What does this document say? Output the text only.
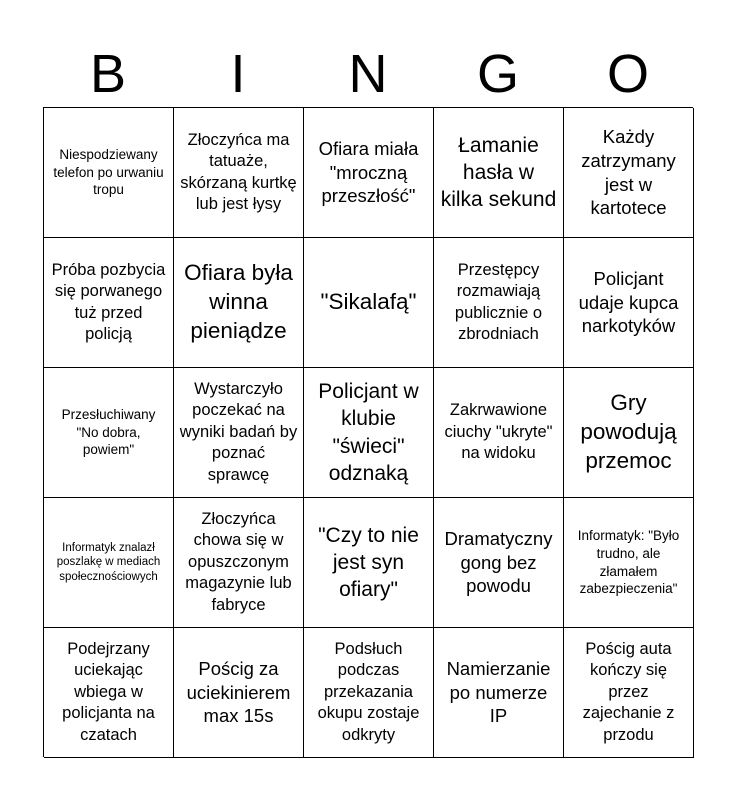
B	I	N	G	O
Niespodziewany telefon po urwaniu tropu
Złoczyńca ma tatuaże, skórzaną kurtkę lub jest łysy
Ofiara miała "mroczną przeszłość"
Łamanie hasła w kilka sekund
Każdy zatrzymany jest w kartotece
Próba pozbycia się porwanego tuż przed policją
Ofiara była winna pieniądze
"Sikalafą"
Przestępcy rozmawiają publicznie o zbrodniach
Policjant udaje kupca narkotyków
Przesłuchiwany "No dobra, powiem"
Wystarczyło poczekać na wyniki badań by poznać sprawcę
Policjant w klubie "świeci" odznaką
Zakrwawione ciuchy "ukryte" na widoku
Gry powodują przemoc
Informatyk znalazł poszlakę w mediach społecznościowych
Złoczyńca chowa się w opuszczonym magazynie lub fabryce
"Czy to nie jest syn ofiary"
Dramatyczny gong bez powodu
Informatyk: "Było trudno, ale złamałem zabezpieczenia"
Podejrzany uciekając wbiega w policjanta na czatach
Pościg za uciekinierem max 15s
Podsłuch podczas przekazania okupu zostaje odkryty
Namierzanie po numerze IP
Pościg auta kończy się przez zajechanie z przodu
